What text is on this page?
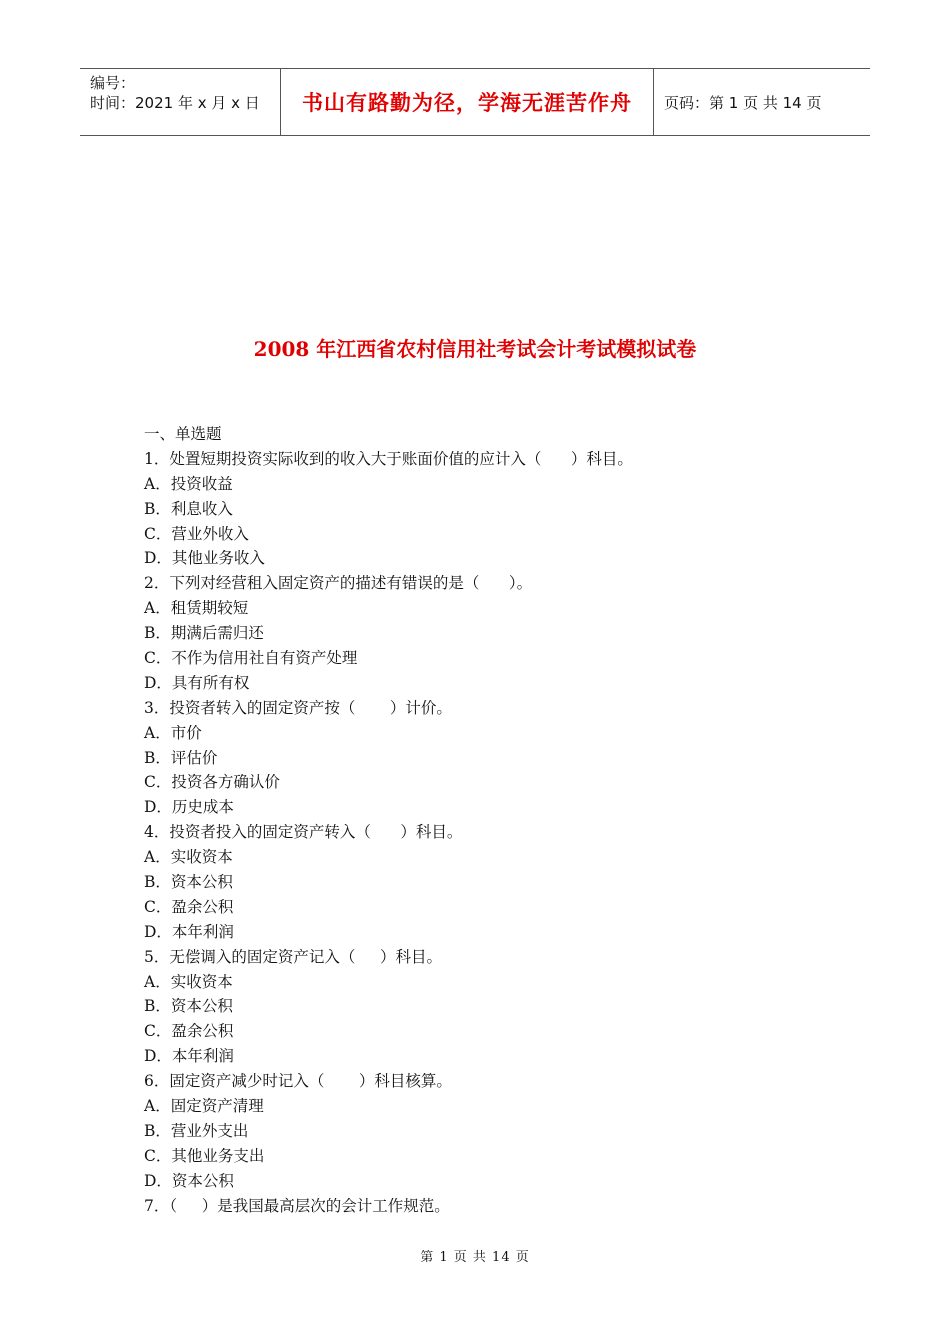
编号：
时间：2021 年 x 月 x 日	书山有路勤为径，学海无涯苦作舟 页码：第 1 页 共 14 页
2008 年江西省农村信用社考试会计考试模拟试卷
一、单选题
1．处置短期投资实际收到的收入大于账面价值的应计入（      ）科目。
A．投资收益
B．利息收入
C．营业外收入
D．其他业务收入
2．下列对经营租入固定资产的描述有错误的是（      ）。
A．租赁期较短
B．期满后需归还
C．不作为信用社自有资产处理
D．具有所有权
3．投资者转入的固定资产按（       ）计价。
A．市价
B．评估价
C．投资各方确认价
D．历史成本
4．投资者投入的固定资产转入（      ）科目。
A．实收资本
B．资本公积
C．盈余公积
D．本年利润
5．无偿调入的固定资产记入（     ）科目。
A．实收资本
B．资本公积
C．盈余公积
D．本年利润
6．固定资产减少时记入（       ）科目核算。
A．固定资产清理
B．营业外支出
C．其他业务支出
D．资本公积
7．（     ）是我国最高层次的会计工作规范。
第 1 页 共 14 页
